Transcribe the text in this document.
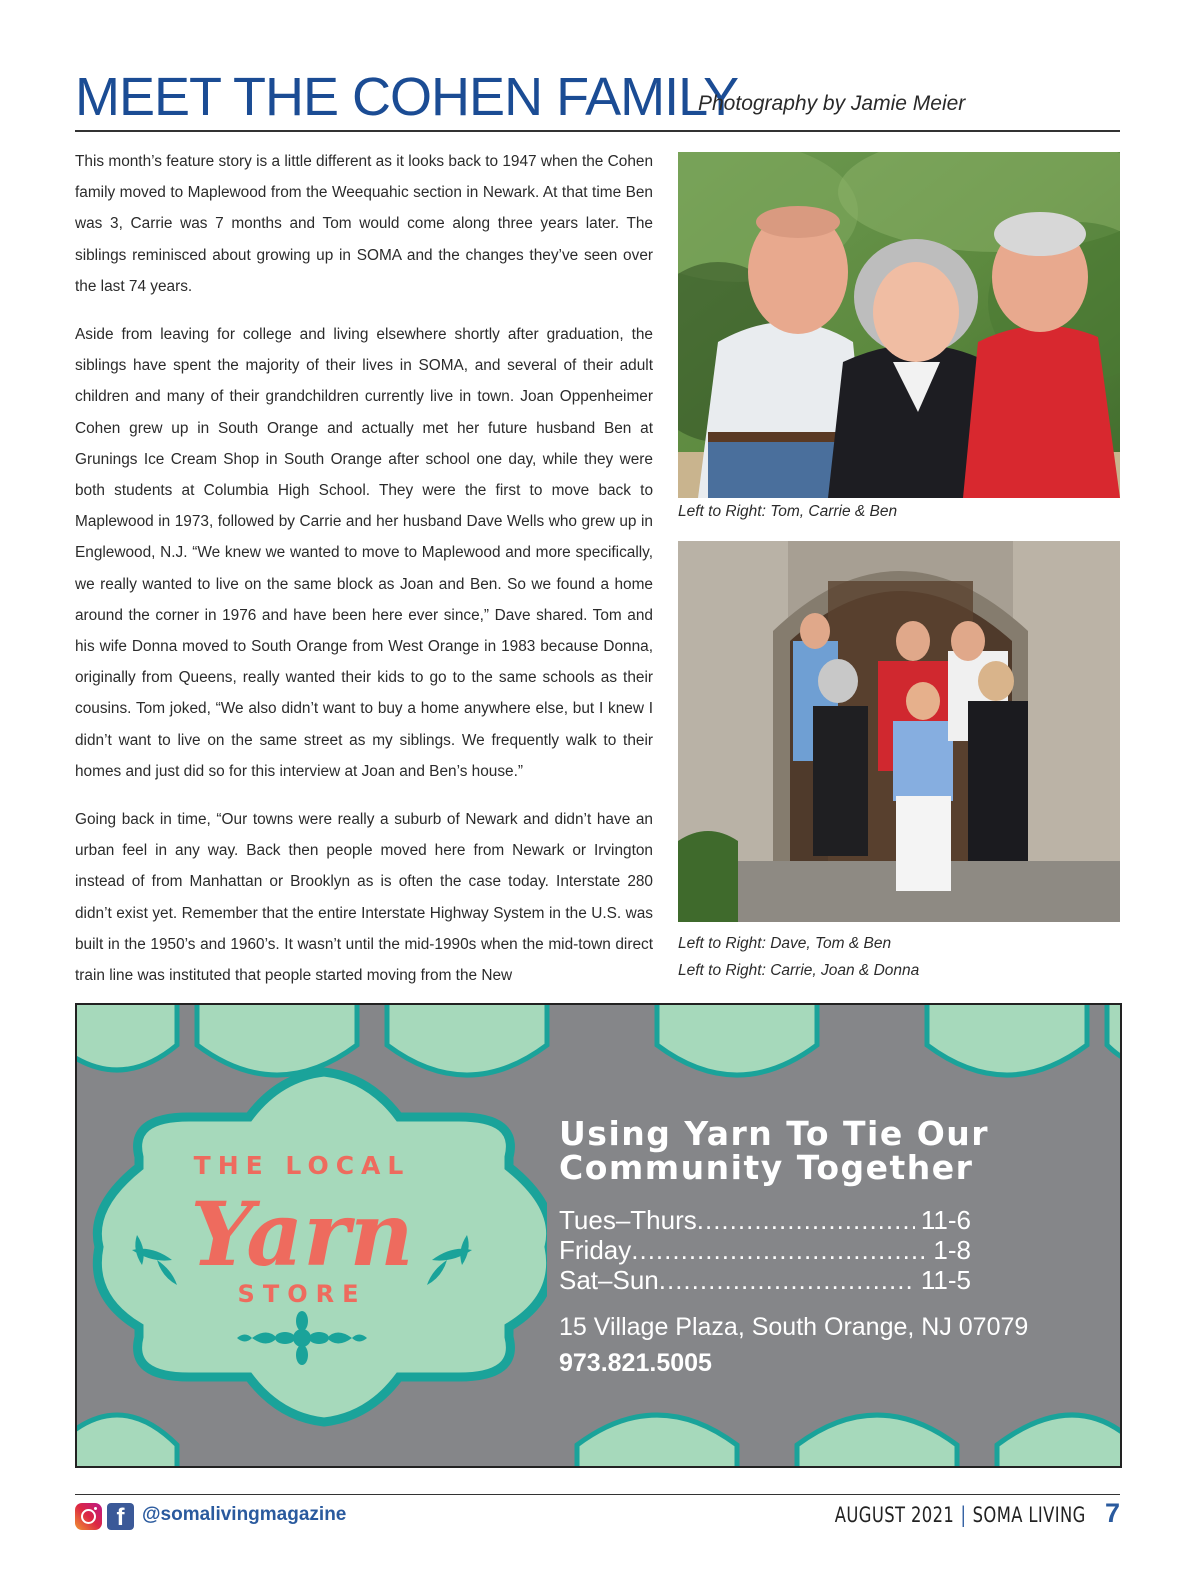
MEET THE COHEN FAMILY
Photography by Jamie Meier

This month’s feature story is a little different as it looks back to 1947 when the Cohen family moved to Maplewood from the Weequahic section in Newark. At that time Ben was 3, Carrie was 7 months and Tom would come along three years later. The siblings reminisced about growing up in SOMA and the changes they’ve seen over the last 74 years.

Aside from leaving for college and living elsewhere shortly after graduation, the siblings have spent the majority of their lives in SOMA, and several of their adult children and many of their grandchildren currently live in town. Joan Oppenheimer Cohen grew up in South Orange and actually met her future husband Ben at Grunings Ice Cream Shop in South Orange after school one day, while they were both students at Columbia High School. They were the first to move back to Maplewood in 1973, followed by Carrie and her husband Dave Wells who grew up in Englewood, N.J. “We knew we wanted to move to Maplewood and more specifically, we really wanted to live on the same block as Joan and Ben. So we found a home around the corner in 1976 and have been here ever since,” Dave shared. Tom and his wife Donna moved to South Orange from West Orange in 1983 because Donna, originally from Queens, really wanted their kids to go to the same schools as their cousins. Tom joked, “We also didn’t want to buy a home anywhere else, but I knew I didn’t want to live on the same street as my siblings. We frequently walk to their homes and just did so for this interview at Joan and Ben’s house.”

Going back in time, “Our towns were really a suburb of Newark and didn’t have an urban feel in any way. Back then people moved here from Newark or Irvington instead of from Manhattan or Brooklyn as is often the case today. Interstate 280 didn’t exist yet. Remember that the entire Interstate Highway System in the U.S. was built in the 1950’s and 1960’s. It wasn’t until the mid-1990s when the mid-town direct train line was instituted that people started moving from the New

Left to Right: Tom, Carrie & Ben
Left to Right: Dave, Tom & Ben
Left to Right: Carrie, Joan & Donna
THE LOCAL
Yarn
STORE
Using Yarn To Tie Our
Community Together
Tues–Thurs .....	11-6
Friday .....	1-8
Sat–Sun .....	11-5
15 Village Plaza, South Orange, NJ 07079
973.821.5005
f @somalivingmagazine	AUGUST 2021 | SOMA LIVING 7
